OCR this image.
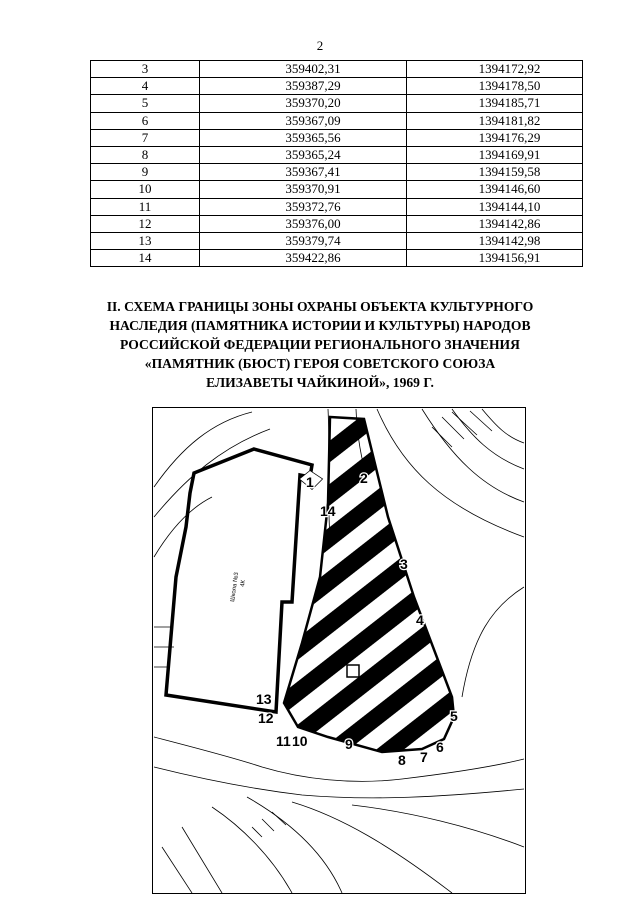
2
3	359402,31	1394172,92
4	359387,29	1394178,50
5	359370,20	1394185,71
6	359367,09	1394181,82
7	359365,56	1394176,29
8	359365,24	1394169,91
9	359367,41	1394159,58
10	359370,91	1394146,60
11	359372,76	1394144,10
12	359376,00	1394142,86
13	359379,74	1394142,98
14	359422,86	1394156,91
II. СХЕМА ГРАНИЦЫ ЗОНЫ ОХРАНЫ ОБЪЕКТА КУЛЬТУРНОГО
НАСЛЕДИЯ (ПАМЯТНИКА ИСТОРИИ И КУЛЬТУРЫ) НАРОДОВ
РОССИЙСКОЙ ФЕДЕРАЦИИ РЕГИОНАЛЬНОГО ЗНАЧЕНИЯ
«ПАМЯТНИК (БЮСТ) ГЕРОЯ СОВЕТСКОГО СОЮЗА
ЕЛИЗАВЕТЫ ЧАЙКИНОЙ», 1969 Г.
Школа №3 4К
1	2
3
4
5
6
7
8
9
10
11
12
13
14
